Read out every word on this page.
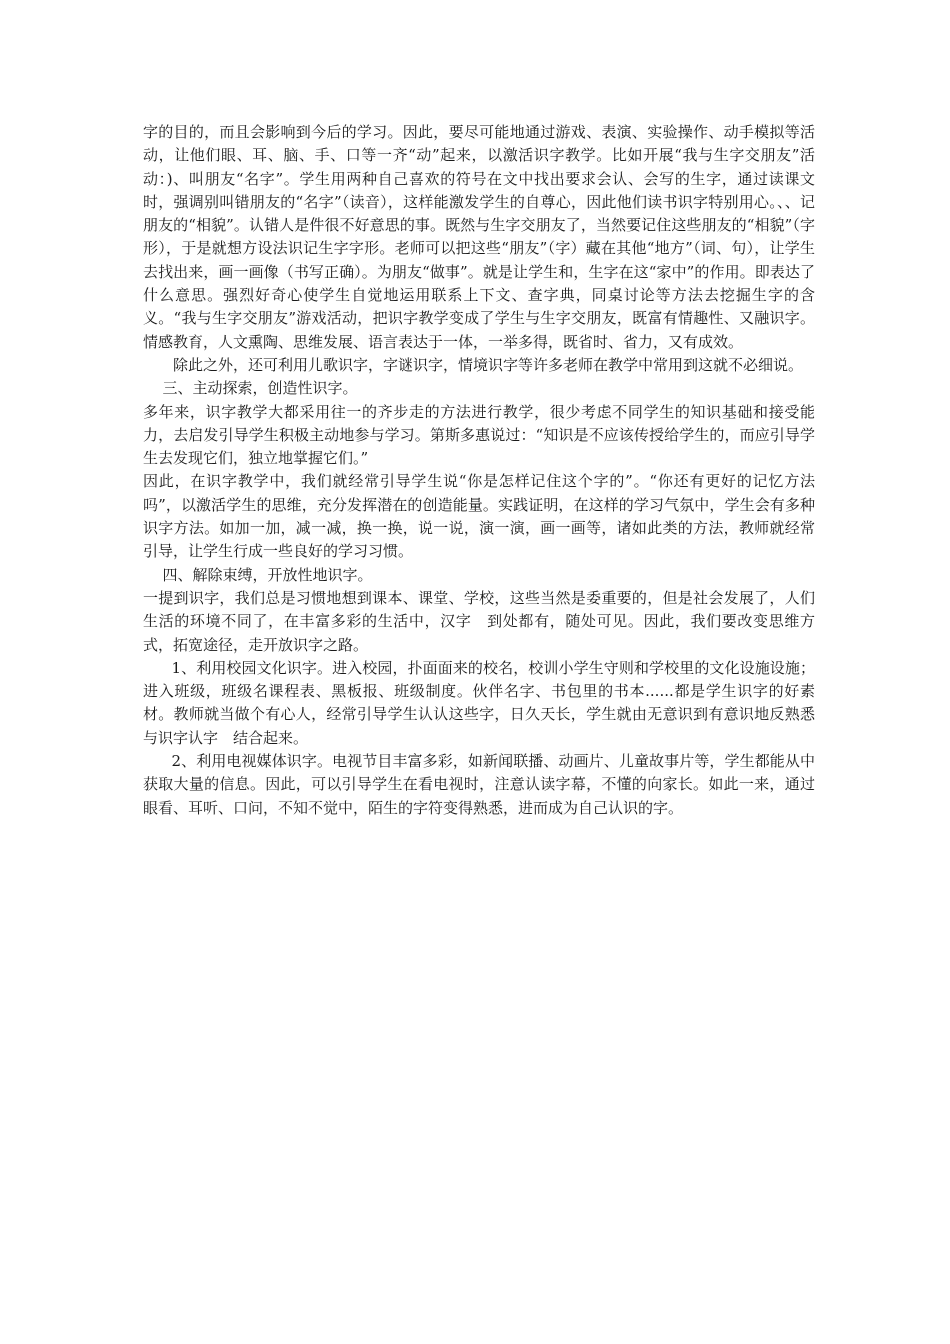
字的目的，而且会影响到今后的学习。因此，要尽可能地通过游戏、表演、实验操作、动手模拟等活动，让他们眼、耳、脑、手、口等一齐“动”起来，以激活识字教学。比如开展“我与生字交朋友”活动：)、叫朋友“名字”。学生用两种自己喜欢的符号在文中找出要求会认、会写的生字，通过读课文时，强调别叫错朋友的“名字”（读音），这样能激发学生的自尊心，因此他们读书识字特别用心。、、记朋友的“相貌”。认错人是件很不好意思的事。既然与生字交朋友了，当然要记住这些朋友的“相貌”（字形），于是就想方设法识记生字字形。老师可以把这些“朋友”（字）藏在其他“地方”（词、句），让学生去找出来，画一画像（书写正确）。为朋友“做事”。就是让学生和，生字在这“家中”的作用。即表达了什么意思。强烈好奇心使学生自觉地运用联系上下文、查字典，同桌讨论等方法去挖掘生字的含义。“我与生字交朋友”游戏活动，把识字教学变成了学生与生字交朋友，既富有情趣性、又融识字。情感教育，人文熏陶、思维发展、语言表达于一体，一举多得，既省时、省力，又有成效。

除此之外，还可利用儿歌识字，字谜识字，情境识字等许多老师在教学中常用到这就不必细说。

三、主动探索，创造性识字。

多年来，识字教学大都采用往一的齐步走的方法进行教学，很少考虑不同学生的知识基础和接受能力，去启发引导学生积极主动地参与学习。第斯多惠说过：“知识是不应该传授给学生的，而应引导学生去发现它们，独立地掌握它们。”

因此，在识字教学中，我们就经常引导学生说“你是怎样记住这个字的”。“你还有更好的记忆方法吗”，以激活学生的思维，充分发挥潜在的创造能量。实践证明，在这样的学习气氛中，学生会有多种识字方法。如加一加，减一减，换一换，说一说，演一演，画一画等，诸如此类的方法，教师就经常引导，让学生行成一些良好的学习习惯。

四、解除束缚，开放性地识字。

一提到识字，我们总是习惯地想到课本、课堂、学校，这些当然是委重要的，但是社会发展了，人们生活的环境不同了，在丰富多彩的生活中，汉字　到处都有，随处可见。因此，我们要改变思维方式，拓宽途径，走开放识字之路。

1、利用校园文化识字。进入校园，扑面面来的校名，校训小学生守则和学校里的文化设施设施；进入班级，班级名课程表、黑板报、班级制度。伙伴名字、书包里的书本......都是学生识字的好素材。教师就当做个有心人，经常引导学生认认这些字，日久天长，学生就由无意识到有意识地反熟悉与识字认字　结合起来。

2、利用电视媒体识字。电视节目丰富多彩，如新闻联播、动画片、儿童故事片等，学生都能从中获取大量的信息。因此，可以引导学生在看电视时，注意认读字幕，不懂的向家长。如此一来，通过眼看、耳听、口问，不知不觉中，陌生的字符变得熟悉，进而成为自己认识的字。
